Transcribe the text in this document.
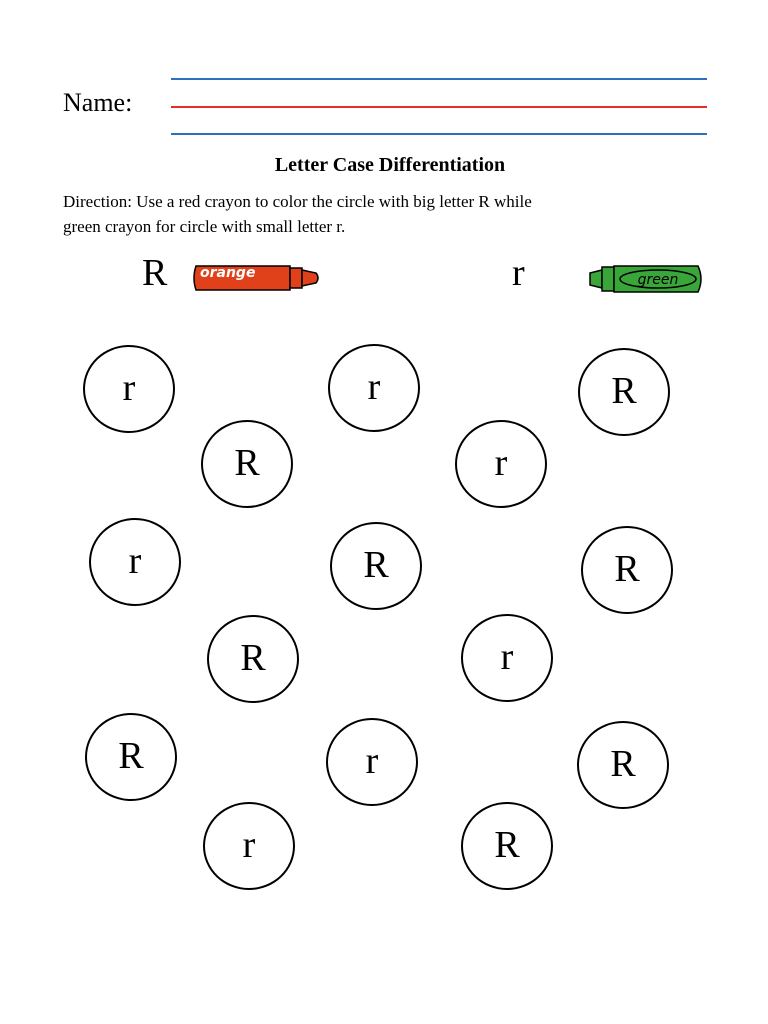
Name:
Letter Case Differentiation
Direction: Use a red crayon to color the circle with big letter R while
green crayon for circle with small letter r.
R orange	r	green
r	r	R
R	r
r	R	R
R	r
R	r	R
r	R
